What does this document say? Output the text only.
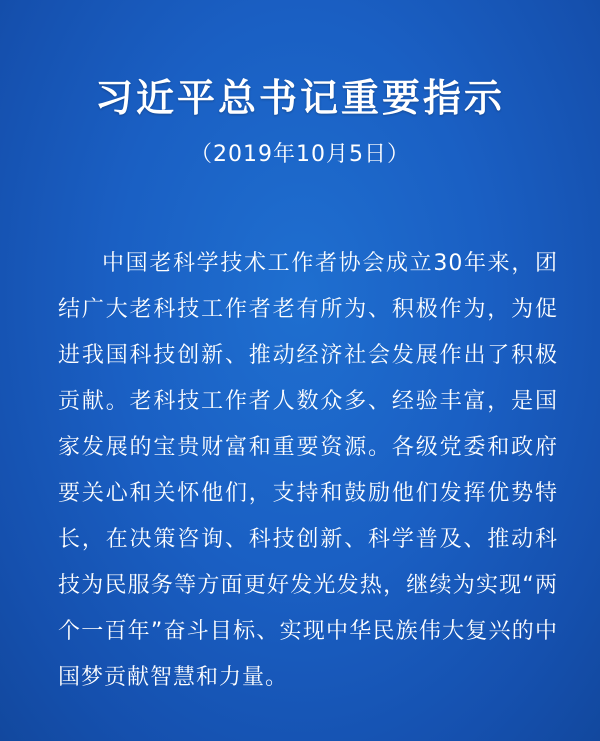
习近平总书记重要指示
（2019年10月5日）
中国老科学技术工作者协会成立30年来，团结广大老科技工作者老有所为、积极作为，为促进我国科技创新、推动经济社会发展作出了积极贡献。老科技工作者人数众多、经验丰富，是国家发展的宝贵财富和重要资源。各级党委和政府要关心和关怀他们，支持和鼓励他们发挥优势特长，在决策咨询、科技创新、科学普及、推动科技为民服务等方面更好发光发热，继续为实现“两个一百年”奋斗目标、实现中华民族伟大复兴的中国梦贡献智慧和力量。
